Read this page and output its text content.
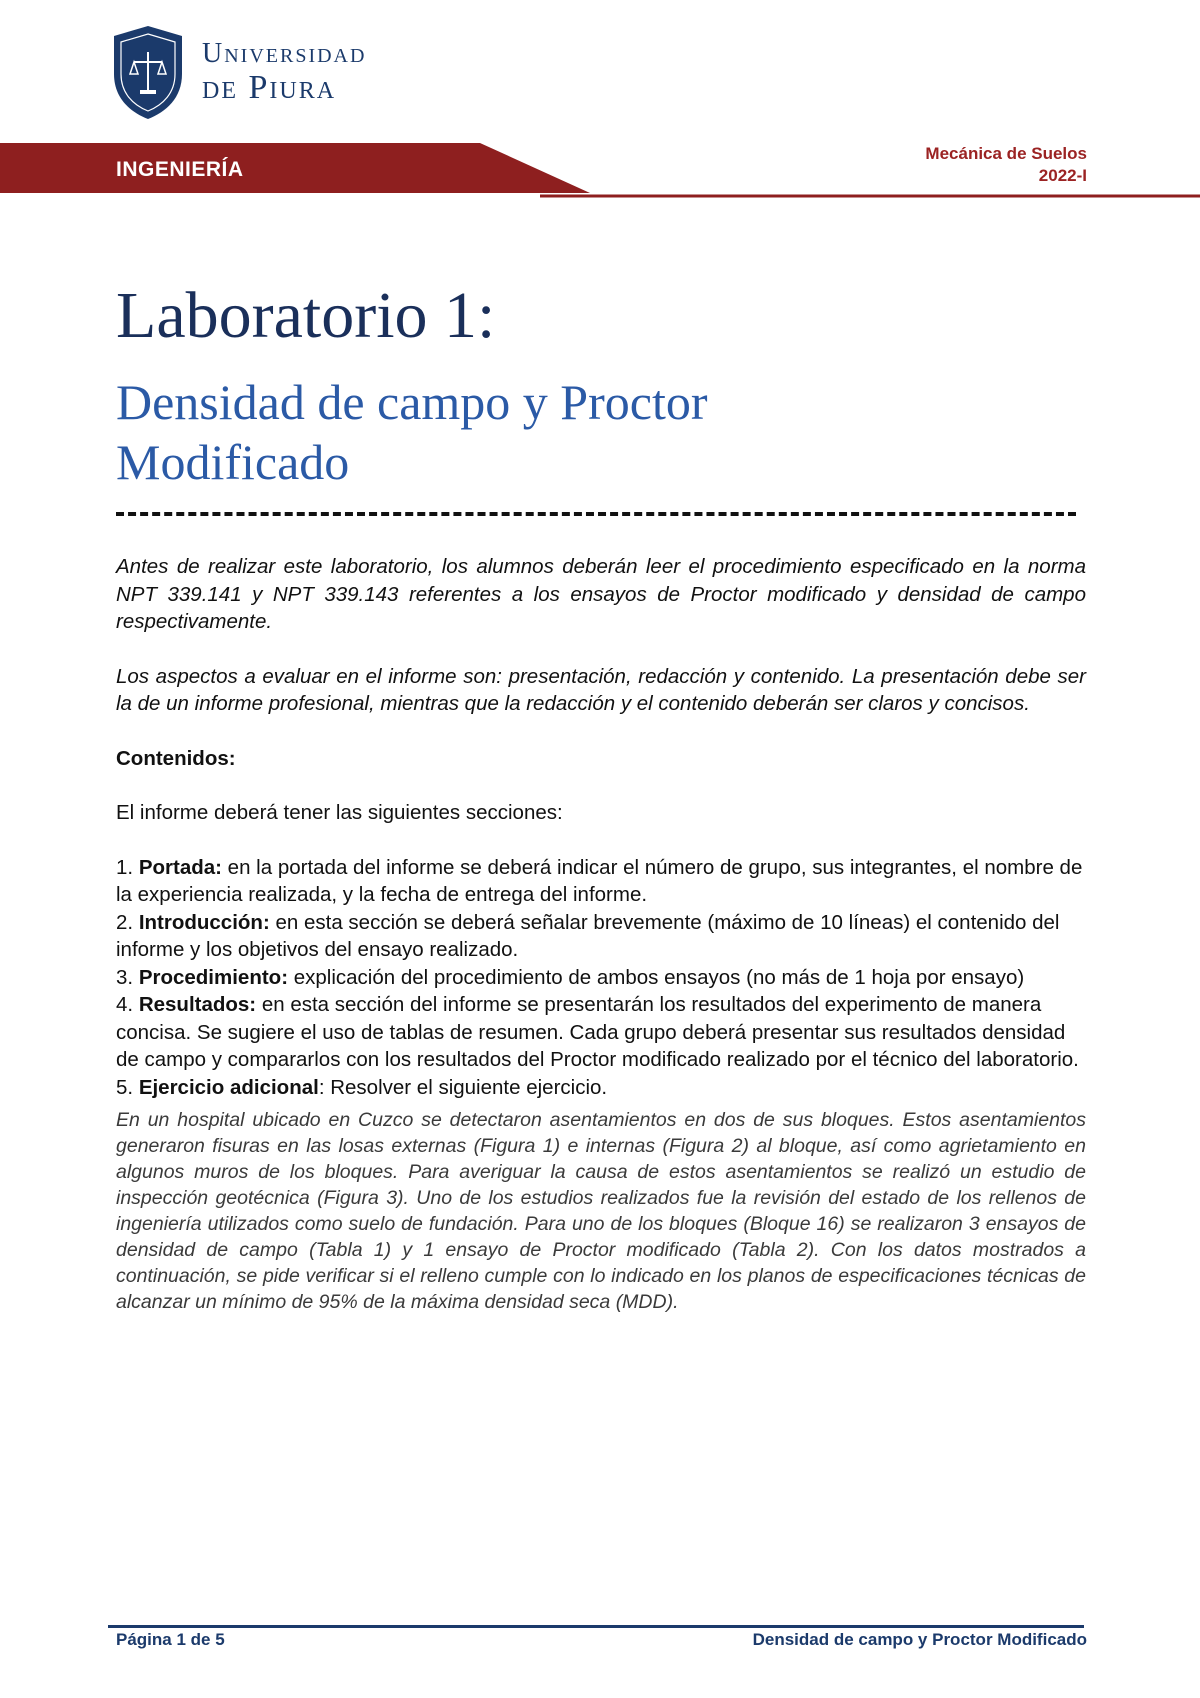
Universidad
de Piura
INGENIERÍA
Mecánica de Suelos
2022-I
Laboratorio 1:
Densidad de campo y Proctor Modificado

Antes de realizar este laboratorio, los alumnos deberán leer el procedimiento especificado en la norma NPT 339.141 y NPT 339.143 referentes a los ensayos de Proctor modificado y densidad de campo respectivamente.

Los aspectos a evaluar en el informe son: presentación, redacción y contenido. La presentación debe ser la de un informe profesional, mientras que la redacción y el contenido deberán ser claros y concisos.

Contenidos:

El informe deberá tener las siguientes secciones:

1. Portada: en la portada del informe se deberá indicar el número de grupo, sus integrantes, el nombre de la experiencia realizada, y la fecha de entrega del informe.

2. Introducción: en esta sección se deberá señalar brevemente (máximo de 10 líneas) el contenido del informe y los objetivos del ensayo realizado.

3. Procedimiento: explicación del procedimiento de ambos ensayos (no más de 1 hoja por ensayo)

4. Resultados: en esta sección del informe se presentarán los resultados del experimento de manera concisa. Se sugiere el uso de tablas de resumen. Cada grupo deberá presentar sus resultados densidad de campo y compararlos con los resultados del Proctor modificado realizado por el técnico del laboratorio.

5. Ejercicio adicional: Resolver el siguiente ejercicio.

En un hospital ubicado en Cuzco se detectaron asentamientos en dos de sus bloques. Estos asentamientos generaron fisuras en las losas externas (Figura 1) e internas (Figura 2) al bloque, así como agrietamiento en algunos muros de los bloques. Para averiguar la causa de estos asentamientos se realizó un estudio de inspección geotécnica (Figura 3). Uno de los estudios realizados fue la revisión del estado de los rellenos de ingeniería utilizados como suelo de fundación. Para uno de los bloques (Bloque 16) se realizaron 3 ensayos de densidad de campo (Tabla 1) y 1 ensayo de Proctor modificado (Tabla 2). Con los datos mostrados a continuación, se pide verificar si el relleno cumple con lo indicado en los planos de especificaciones técnicas de alcanzar un mínimo de 95% de la máxima densidad seca (MDD).

Página 1 de 5	Densidad de campo y Proctor Modificado
